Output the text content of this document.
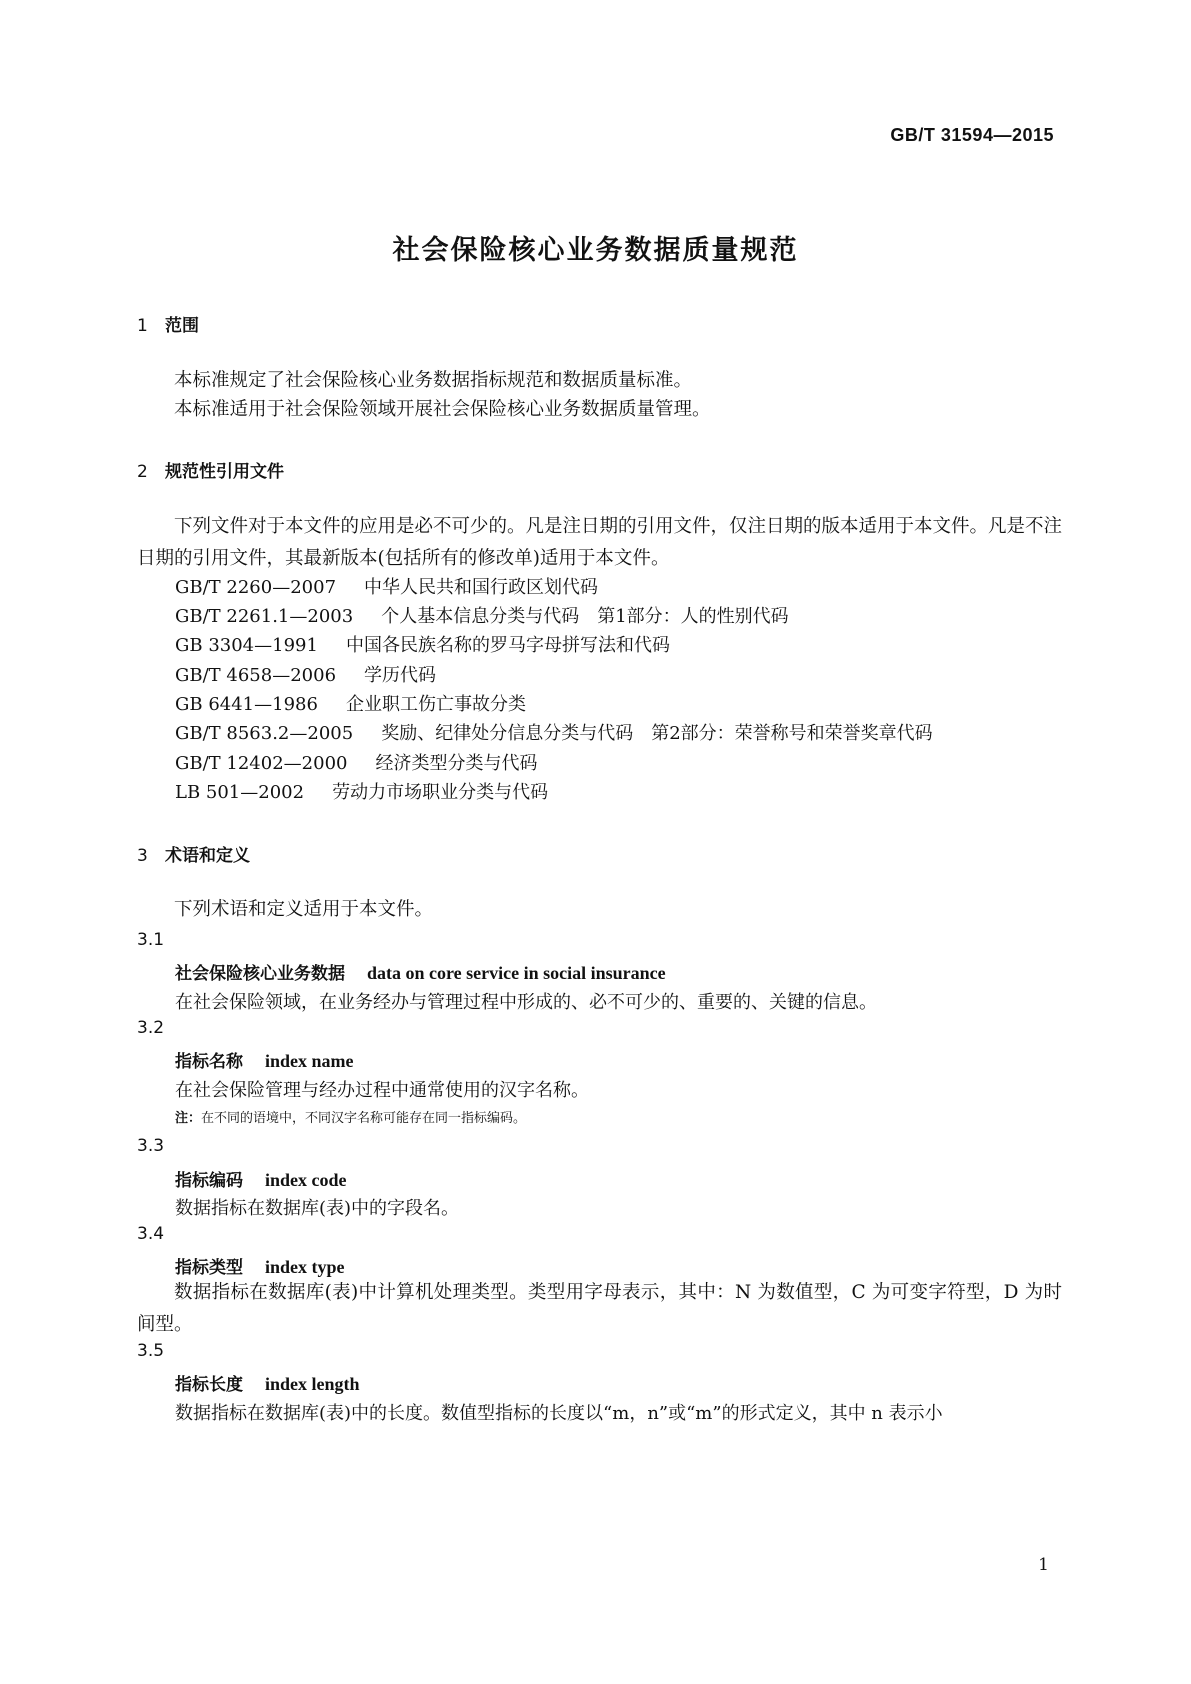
GB/T 31594—2015
社会保险核心业务数据质量规范
1 范围
本标准规定了社会保险核心业务数据指标规范和数据质量标准。
本标准适用于社会保险领域开展社会保险核心业务数据质量管理。
2 规范性引用文件
下列文件对于本文件的应用是必不可少的。凡是注日期的引用文件，仅注日期的版本适用于本文件。凡是不注日期的引用文件，其最新版本(包括所有的修改单)适用于本文件。
GB/T 2260—2007 中华人民共和国行政区划代码
GB/T 2261.1—2003 个人基本信息分类与代码　第1部分：人的性别代码
GB 3304—1991 中国各民族名称的罗马字母拼写法和代码
GB/T 4658—2006 学历代码
GB 6441—1986 企业职工伤亡事故分类
GB/T 8563.2—2005 奖励、纪律处分信息分类与代码　第2部分：荣誉称号和荣誉奖章代码
GB/T 12402—2000 经济类型分类与代码
LB 501—2002 劳动力市场职业分类与代码
3 术语和定义
下列术语和定义适用于本文件。
3.1
社会保险核心业务数据 data on core service in social insurance
在社会保险领域，在业务经办与管理过程中形成的、必不可少的、重要的、关键的信息。
3.2
指标名称 index name
在社会保险管理与经办过程中通常使用的汉字名称。
注：在不同的语境中，不同汉字名称可能存在同一指标编码。
3.3
指标编码 index code
数据指标在数据库(表)中的字段名。
3.4
指标类型 index type
数据指标在数据库(表)中计算机处理类型。类型用字母表示，其中：N 为数值型，C 为可变字符型，D 为时间型。
3.5
指标长度 index length
数据指标在数据库(表)中的长度。数值型指标的长度以“m，n”或“m”的形式定义，其中 n 表示小
1
